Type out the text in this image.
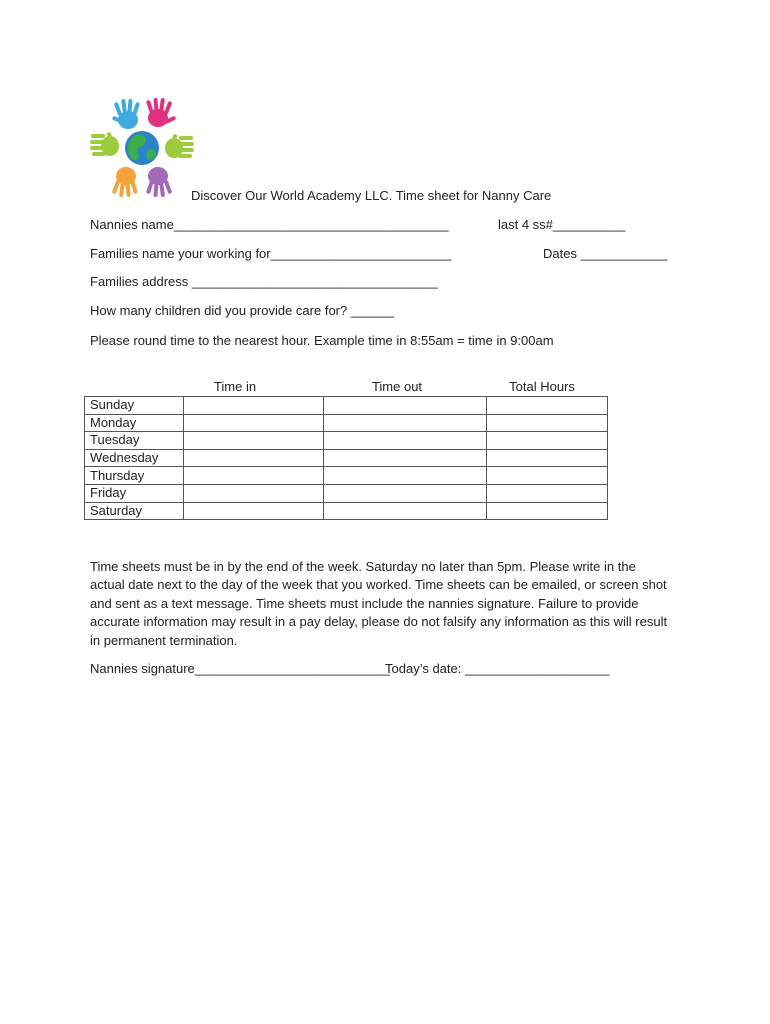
Discover Our World Academy LLC. Time sheet for Nanny Care
Nannies name______________________________________	last 4 ss#__________
Families name your working for_________________________	Dates ____________
Families address __________________________________
How many children did you provide care for? ______
Please round time to the nearest hour. Example time in 8:55am = time in 9:00am
Time in	Time out	Total Hours
Sunday			
Monday			
Tuesday			
Wednesday			
Thursday			
Friday			
Saturday			
Time sheets must be in by the end of the week. Saturday no later than 5pm. Please write in the actual date next to the day of the week that you worked. Time sheets can be emailed, or screen shot and sent as a text message. Time sheets must include the nannies signature. Failure to provide accurate information may result in a pay delay, please do not falsify any information as this will result in permanent termination.
Nannies signature___________________________
Today’s date: ____________________
